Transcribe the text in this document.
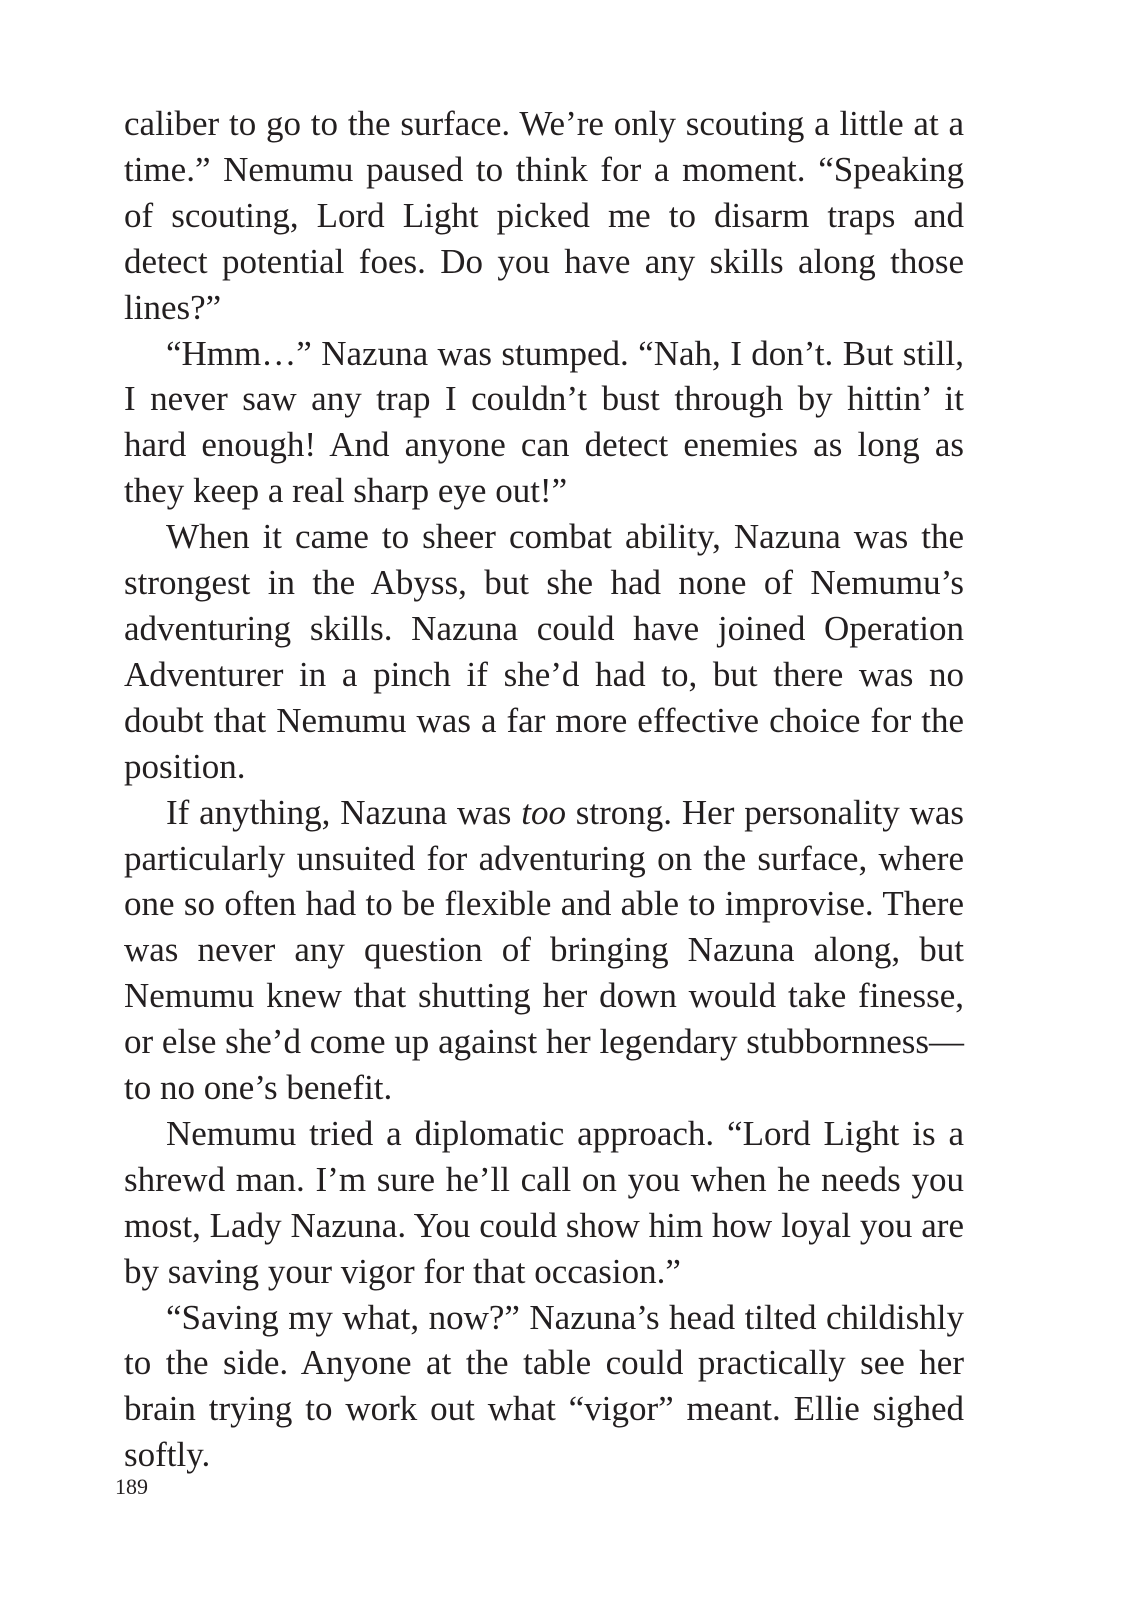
caliber to go to the surface. We’re only scouting a little at a time.” Nemumu paused to think for a moment. “Speaking of scouting, Lord Light picked me to disarm traps and detect potential foes. Do you have any skills along those lines?”

“Hmm…” Nazuna was stumped. “Nah, I don’t. But still, I never saw any trap I couldn’t bust through by hittin’ it hard enough! And anyone can detect enemies as long as they keep a real sharp eye out!”

When it came to sheer combat ability, Nazuna was the strongest in the Abyss, but she had none of Nemumu’s adventuring skills. Nazuna could have joined Operation Adventurer in a pinch if she’d had to, but there was no doubt that Nemumu was a far more effective choice for the position.

If anything, Nazuna was too strong. Her personality was particularly unsuited for adventuring on the surface, where one so often had to be flexible and able to improvise. There was never any question of bringing Nazuna along, but Nemumu knew that shutting her down would take finesse, or else she’d come up against her legendary stubbornness—to no one’s benefit.

Nemumu tried a diplomatic approach. “Lord Light is a shrewd man. I’m sure he’ll call on you when he needs you most, Lady Nazuna. You could show him how loyal you are by saving your vigor for that occasion.”

“Saving my what, now?” Nazuna’s head tilted childishly to the side. Anyone at the table could practically see her brain trying to work out what “vigor” meant. Ellie sighed softly.

189
